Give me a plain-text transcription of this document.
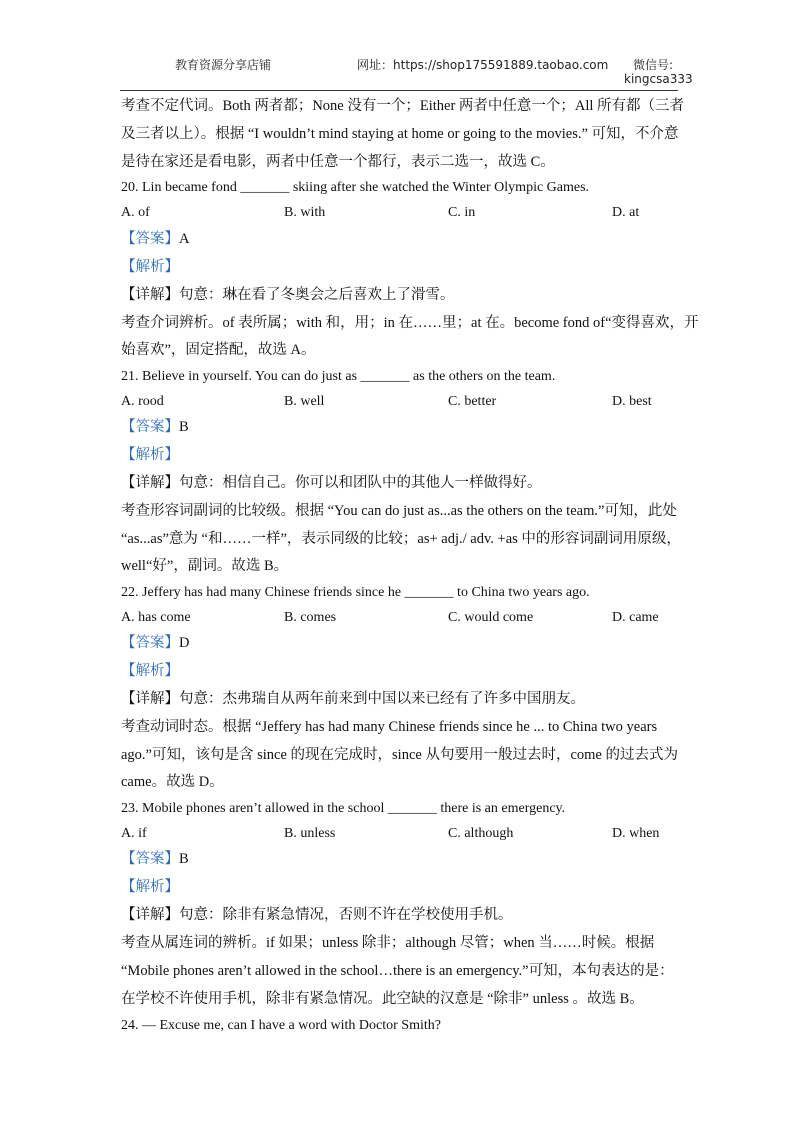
教育资源分享店铺	网址：https://shop175591889.taobao.com 微信号:
kingcsa333
考查不定代词。Both 两者都；None 没有一个；Either 两者中任意一个；All 所有都（三者
及三者以上）。根据 “I wouldn’t mind staying at home or going to the movies.” 可知，不介意
是待在家还是看电影，两者中任意一个都行，表示二选一，故选 C。
20. Lin became fond _______ skiing after she watched the Winter Olympic Games.
A. of	B. with	C. in	D. at
【答案】A
【解析】
【详解】句意：琳在看了冬奥会之后喜欢上了滑雪。
考查介词辨析。of 表所属；with 和，用；in 在……里；at 在。become fond of“变得喜欢，开
始喜欢”，固定搭配，故选 A。
21. Believe in yourself. You can do just as _______ as the others on the team.
A. rood	B. well	C. better	D. best
【答案】B
【解析】
【详解】句意：相信自己。你可以和团队中的其他人一样做得好。
考查形容词副词的比较级。根据 “You can do just as...as the others on the team.”可知，此处
“as...as”意为 “和……一样”，表示同级的比较；as+ adj./ adv. +as 中的形容词副词用原级，
well“好”，副词。故选 B。
22. Jeffery has had many Chinese friends since he _______ to China two years ago.
A. has come	B. comes	C. would come	D. came
【答案】D
【解析】
【详解】句意：杰弗瑞自从两年前来到中国以来已经有了许多中国朋友。
考查动词时态。根据 “Jeffery has had many Chinese friends since he ... to China two years
ago.”可知，该句是含 since 的现在完成时，since 从句要用一般过去时，come 的过去式为
came。故选 D。
23. Mobile phones aren’t allowed in the school _______ there is an emergency.
A. if	B. unless	C. although	D. when
【答案】B
【解析】
【详解】句意：除非有紧急情况，否则不许在学校使用手机。
考查从属连词的辨析。if 如果；unless 除非；although 尽管；when 当……时候。根据
“Mobile phones aren’t allowed in the school…there is an emergency.”可知，本句表达的是：
在学校不许使用手机，除非有紧急情况。此空缺的汉意是 “除非” unless 。故选 B。
24. — Excuse me, can I have a word with Doctor Smith?
